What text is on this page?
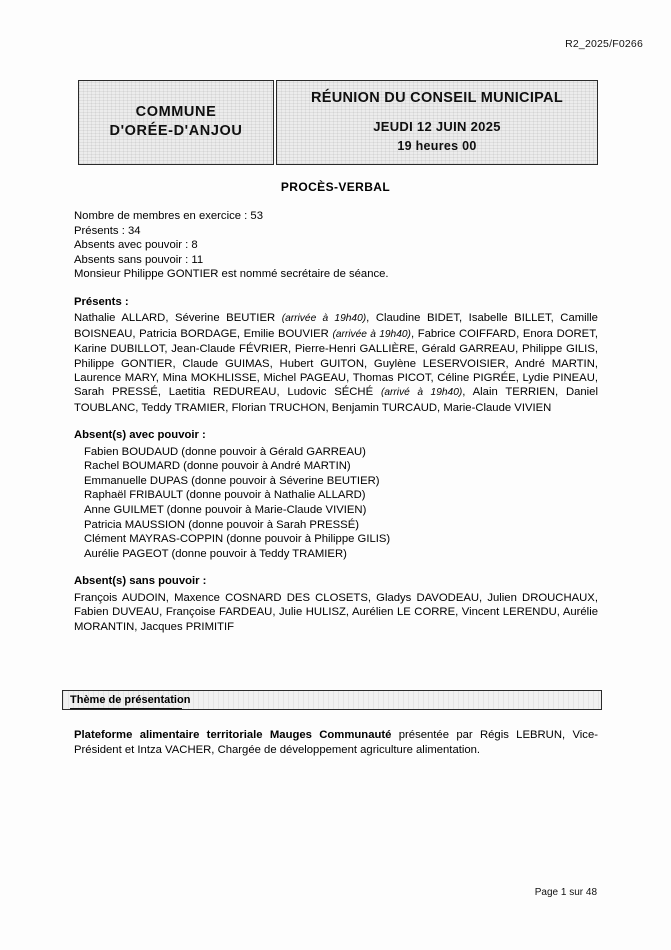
R2_2025/F0266
COMMUNE
D'ORÉE-D'ANJOU
RÉUNION DU CONSEIL MUNICIPAL
JEUDI 12 JUIN 2025
19 heures 00
PROCÈS-VERBAL

Nombre de membres en exercice : 53

Présents : 34

Absents avec pouvoir : 8

Absents sans pouvoir : 11

Monsieur Philippe GONTIER est nommé secrétaire de séance.

Présents :

Nathalie ALLARD, Séverine BEUTIER (arrivée à 19h40), Claudine BIDET, Isabelle BILLET, Camille BOISNEAU, Patricia BORDAGE, Emilie BOUVIER (arrivée à 19h40), Fabrice COIFFARD, Enora DORET, Karine DUBILLOT, Jean-Claude FÉVRIER, Pierre-Henri GALLIÈRE, Gérald GARREAU, Philippe GILIS, Philippe GONTIER, Claude GUIMAS, Hubert GUITON, Guylène LESERVOISIER, André MARTIN, Laurence MARY, Mina MOKHLISSE, Michel PAGEAU, Thomas PICOT, Céline PIGRÉE, Lydie PINEAU, Sarah PRESSÉ, Laetitia REDUREAU, Ludovic SÉCHÉ (arrivé à 19h40), Alain TERRIEN, Daniel TOUBLANC, Teddy TRAMIER, Florian TRUCHON, Benjamin TURCAUD, Marie-Claude VIVIEN

Absent(s) avec pouvoir :

Fabien BOUDAUD (donne pouvoir à Gérald GARREAU)

Rachel BOUMARD (donne pouvoir à André MARTIN)

Emmanuelle DUPAS (donne pouvoir à Séverine BEUTIER)

Raphaël FRIBAULT (donne pouvoir à Nathalie ALLARD)

Anne GUILMET (donne pouvoir à Marie-Claude VIVIEN)

Patricia MAUSSION (donne pouvoir à Sarah PRESSÉ)

Clément MAYRAS-COPPIN (donne pouvoir à Philippe GILIS)

Aurélie PAGEOT (donne pouvoir à Teddy TRAMIER)

Absent(s) sans pouvoir :

François AUDOIN, Maxence COSNARD DES CLOSETS, Gladys DAVODEAU, Julien DROUCHAUX, Fabien DUVEAU, Françoise FARDEAU, Julie HULISZ, Aurélien LE CORRE, Vincent LERENDU, Aurélie MORANTIN, Jacques PRIMITIF

Thème de présentation
Plateforme alimentaire territoriale Mauges Communauté présentée par Régis LEBRUN, Vice-Président et Intza VACHER, Chargée de développement agriculture alimentation.
Page 1 sur 48
